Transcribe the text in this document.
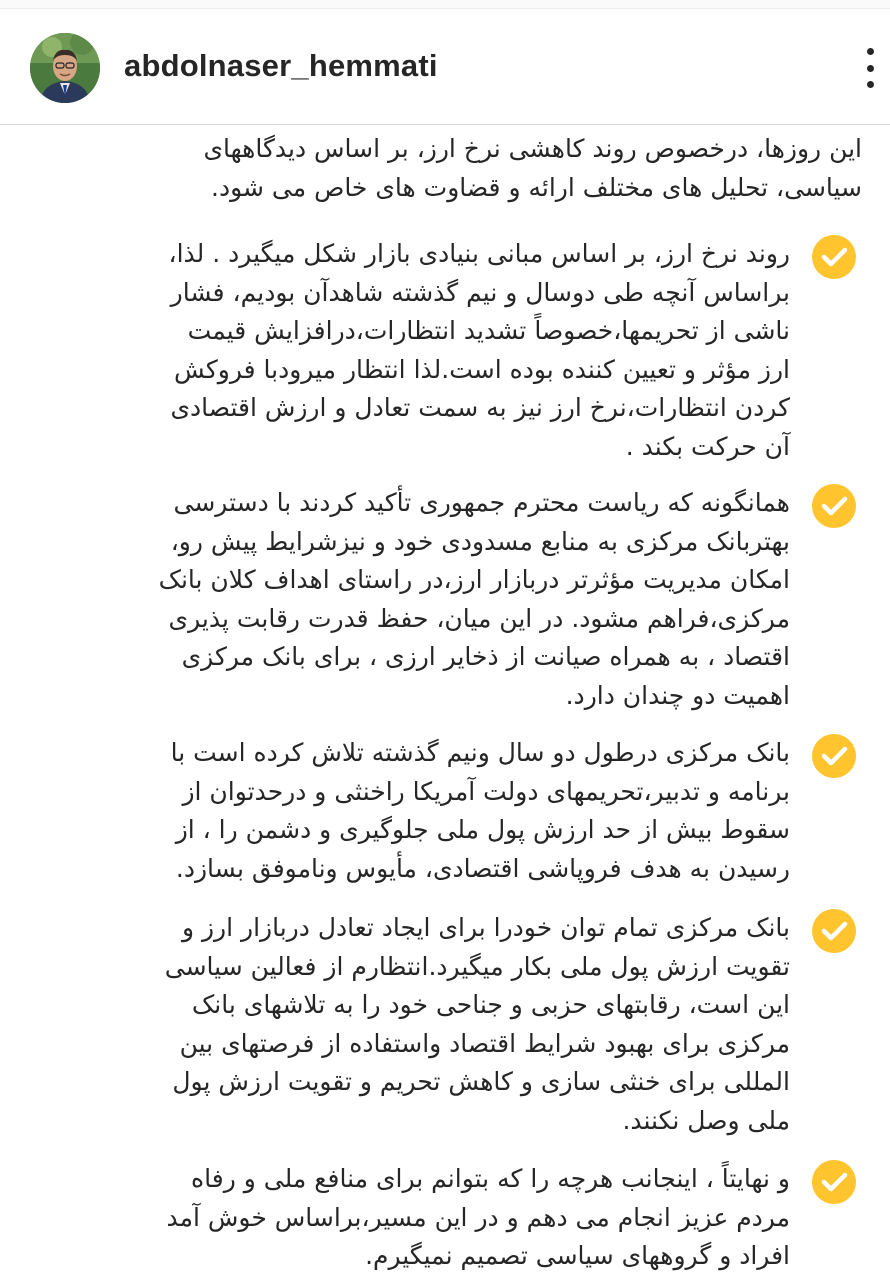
abdolnaser_hemmati
این روزها، درخصوص روند کاهشی نرخ ارز، بر اساس دیدگاههای
سیاسی، تحلیل های مختلف ارائه و قضاوت های خاص می شود.
روند نرخ ارز، بر اساس مبانی بنیادی بازار شکل میگیرد . لذا،
براساس آنچه طی دوسال و نیم گذشته شاهدآن بودیم، فشار
ناشی از تحریمها،خصوصاً تشدید انتظارات،درافزایش قیمت
ارز مؤثر و تعیین کننده بوده است.لذا انتظار میرودبا فروکش
کردن انتظارات،نرخ ارز نیز به سمت تعادل و ارزش اقتصادی
آن حرکت بکند .
همانگونه که ریاست محترم جمهوری تأکید کردند با دسترسی
بهتربانک مرکزی به منابع مسدودی خود و نیزشرایط پیش رو،
امکان مدیریت مؤثرتر دربازار ارز،در راستای اهداف کلان بانک
مرکزی،فراهم مشود. در این میان، حفظ قدرت رقابت پذیری
اقتصاد ، به همراه صیانت از ذخایر ارزی ، برای بانک مرکزی
اهمیت دو چندان دارد.
بانک مرکزی درطول دو سال ونیم گذشته تلاش کرده است با
برنامه و تدبیر،تحریمهای دولت آمریکا راخنثی و درحدتوان از
سقوط بیش از حد ارزش پول ملی جلوگیری و دشمن را ، از
رسیدن به هدف فروپاشی اقتصادی، مأیوس وناموفق بسازد.
بانک مرکزی تمام توان خودرا برای ایجاد تعادل دربازار ارز و
تقویت ارزش پول ملی بکار میگیرد.انتظارم از فعالین سیاسی
این است، رقابتهای حزبی و جناحی خود را به تلاشهای بانک
مرکزی برای بهبود شرایط اقتصاد واستفاده از فرصتهای بین
المللی برای خنثی سازی و کاهش تحریم و تقویت ارزش پول
ملی وصل نکنند.
و نهایتاً ، اینجانب هرچه را که بتوانم برای منافع ملی و رفاه
مردم عزیز انجام می دهم و در این مسیر،براساس خوش آمد
افراد و گروههای سیاسی تصمیم نمیگیرم.
